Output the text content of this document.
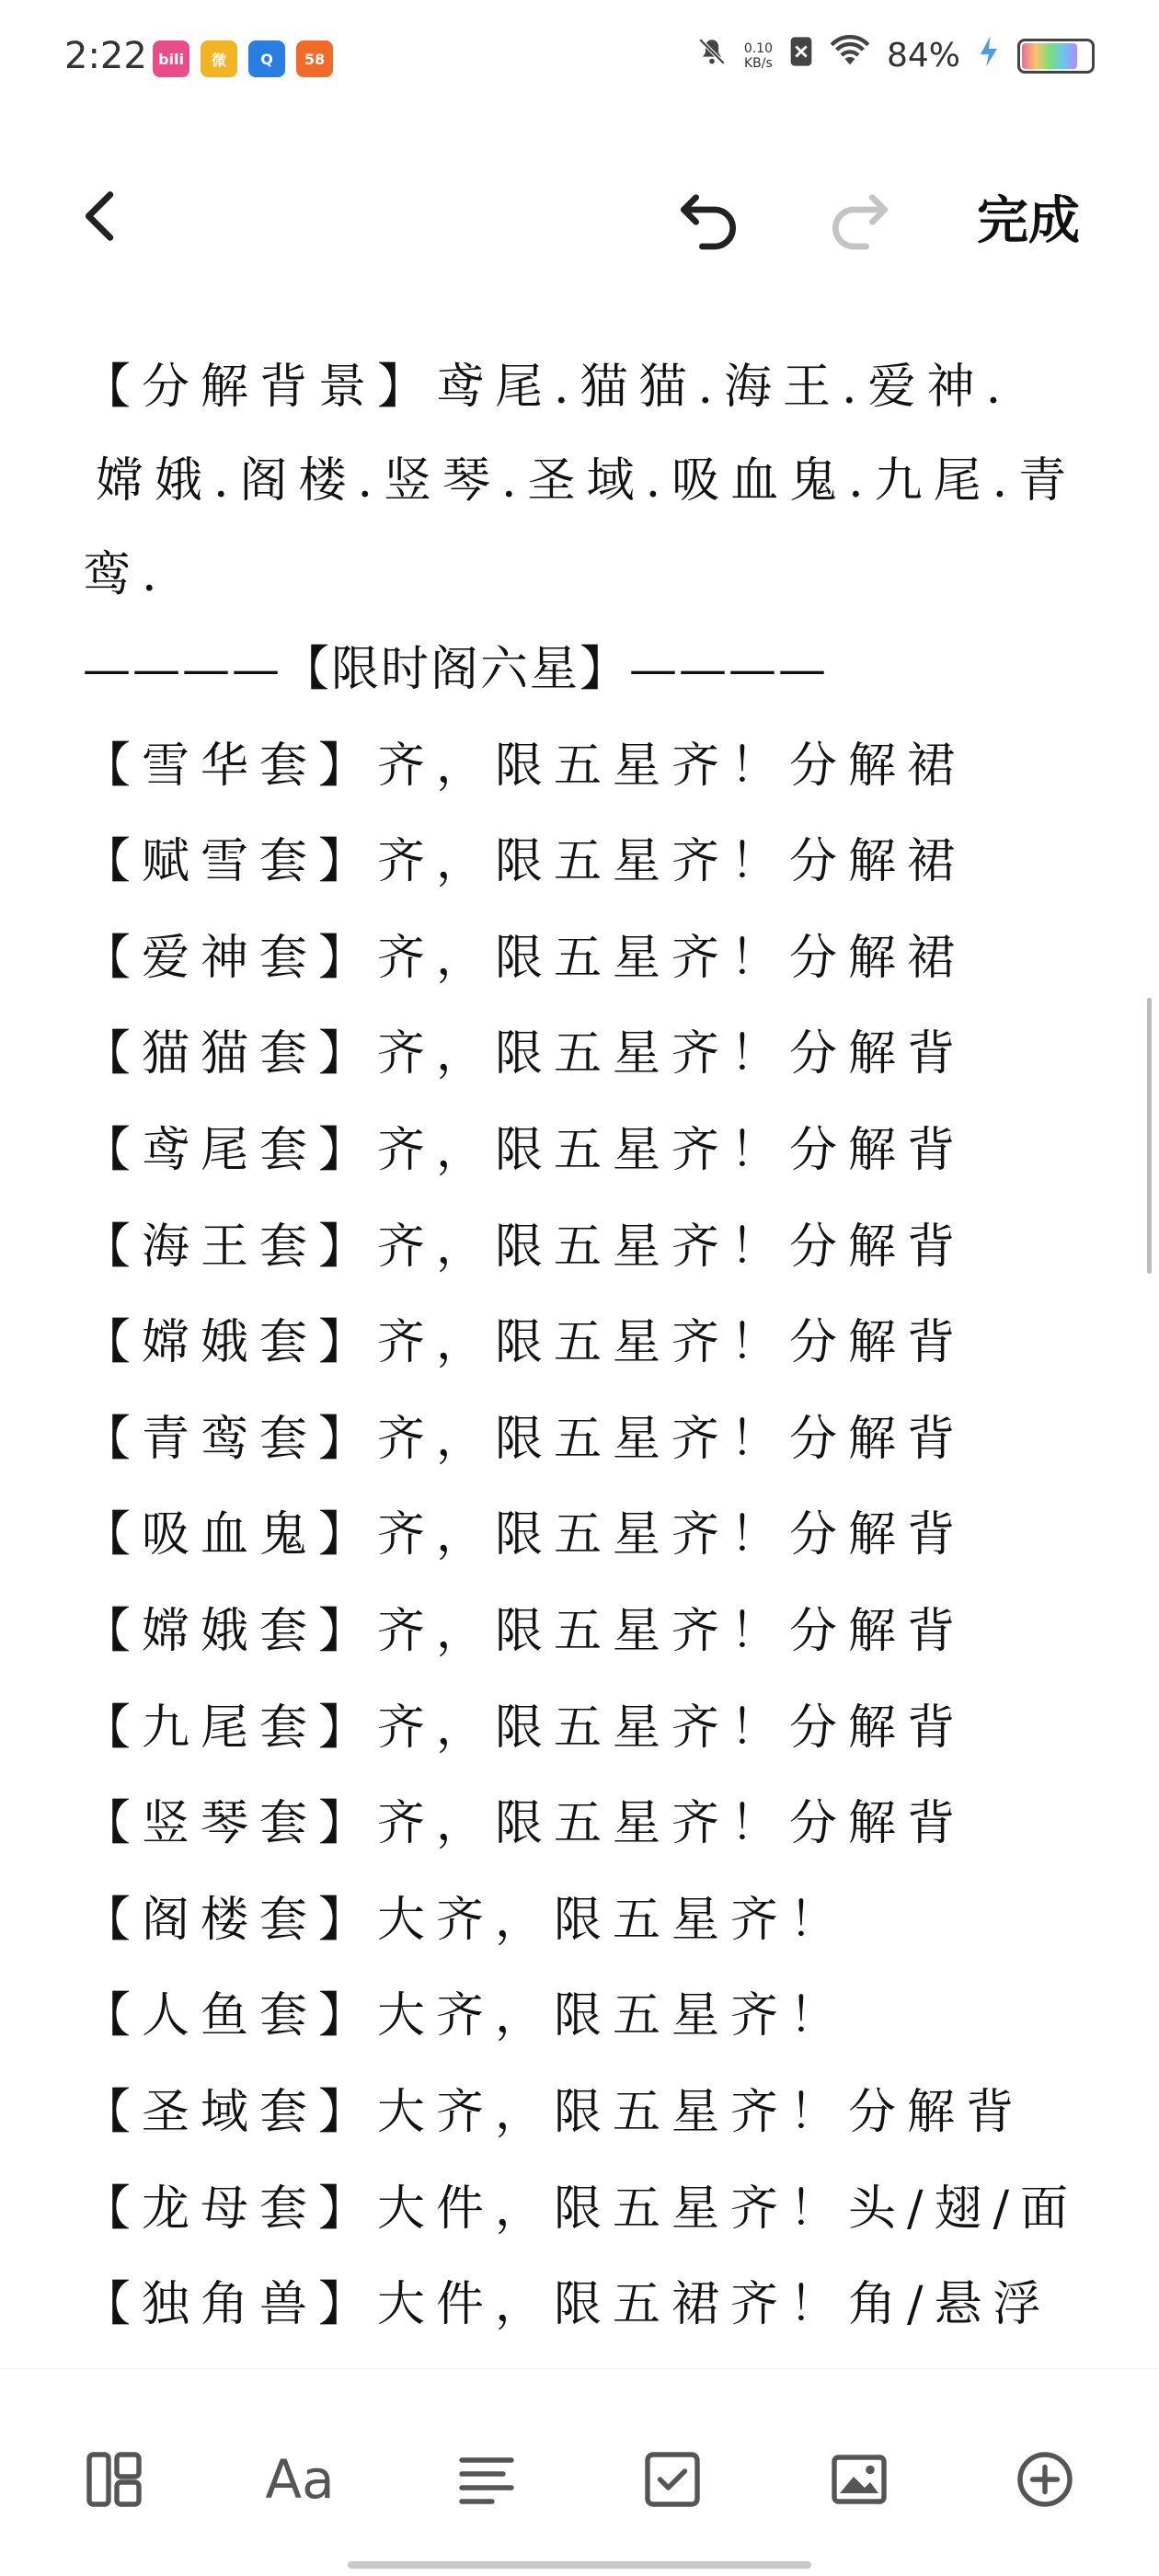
2:22 bili	微	Q	58
0.10
KB/s	84%
完成
【分解背景】鸢尾.猫猫.海王.爱神.
嫦娥.阁楼.竖琴.圣域.吸血鬼.九尾.青
鸾.
————【限时阁六星】————
【雪华套】齐，限五星齐！分解裙
【赋雪套】齐，限五星齐！分解裙
【爱神套】齐，限五星齐！分解裙
【猫猫套】齐，限五星齐！分解背
【鸢尾套】齐，限五星齐！分解背
【海王套】齐，限五星齐！分解背
【嫦娥套】齐，限五星齐！分解背
【青鸾套】齐，限五星齐！分解背
【吸血鬼】齐，限五星齐！分解背
【嫦娥套】齐，限五星齐！分解背
【九尾套】齐，限五星齐！分解背
【竖琴套】齐，限五星齐！分解背
【阁楼套】大齐，限五星齐！
【人鱼套】大齐，限五星齐！
【圣域套】大齐，限五星齐！分解背
【龙母套】大件，限五星齐！头/翅/面
【独角兽】大件，限五裙齐！角/悬浮
Aa
